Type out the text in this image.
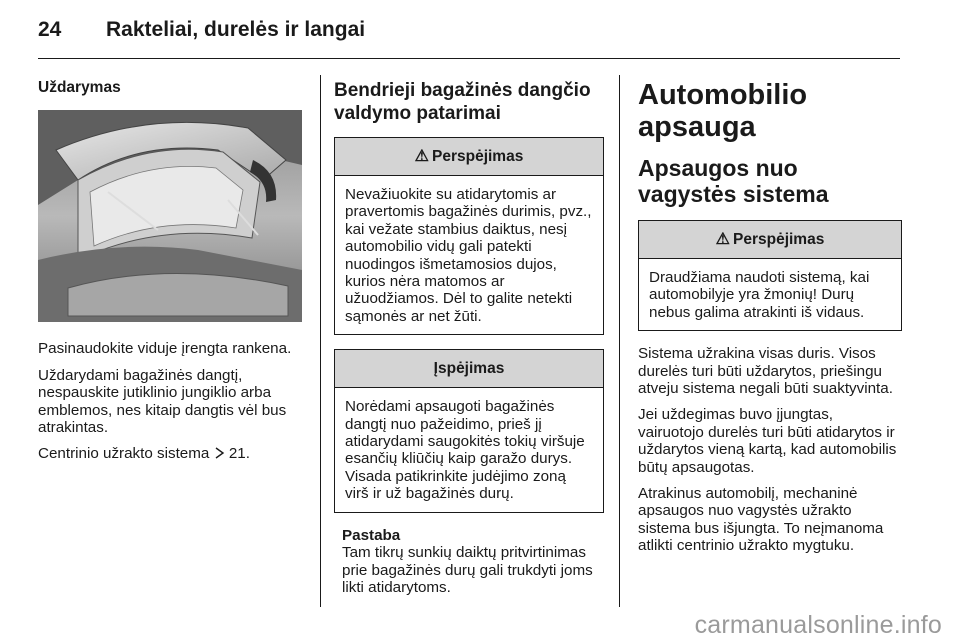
24 Rakteliai, durelės ir langai
Uždarymas

Pasinaudokite viduje įrengta rankena.

Uždarydami bagažinės dangtį, nespauskite jutiklinio jungiklio arba emblemos, nes kitaip dangtis vėl bus atrakintas.

Centrinio užrakto sistema 21.

Bendrieji bagažinės dangčio valdymo patarimai
⚠ Perspėjimas
Nevažiuokite su atidarytomis ar pravertomis bagažinės durimis, pvz., kai vežate stambius daiktus, nesį automobilio vidų gali patekti nuodingos išmetamosios dujos, kurios nėra matomos ar užuodžiamos. Dėl to galite netekti sąmonės ar net žūti.
Įspėjimas
Norėdami apsaugoti bagažinės dangtį nuo pažeidimo, prieš jį atidarydami saugokitės tokių viršuje esančių kliūčių kaip garažo durys. Visada patikrinkite judėjimo zoną virš ir už bagažinės durų.
Pastaba
Tam tikrų sunkių daiktų pritvirtinimas prie bagažinės durų gali trukdyti joms likti atidarytoms.
Automobilio apsauga
Apsaugos nuo vagystės sistema
⚠ Perspėjimas
Draudžiama naudoti sistemą, kai automobilyje yra žmonių! Durų nebus galima atrakinti iš vidaus.

Sistema užrakina visas duris. Visos durelės turi būti uždarytos, priešingu atveju sistema negali būti suaktyvinta.

Jei uždegimas buvo įjungtas, vairuotojo durelės turi būti atidarytos ir uždarytos vieną kartą, kad automobilis būtų apsaugotas.

Atrakinus automobilį, mechaninė apsaugos nuo vagystės užrakto sistema bus išjungta. To neįmanoma atlikti centrinio užrakto mygtuku.

carmanualsonline.info
